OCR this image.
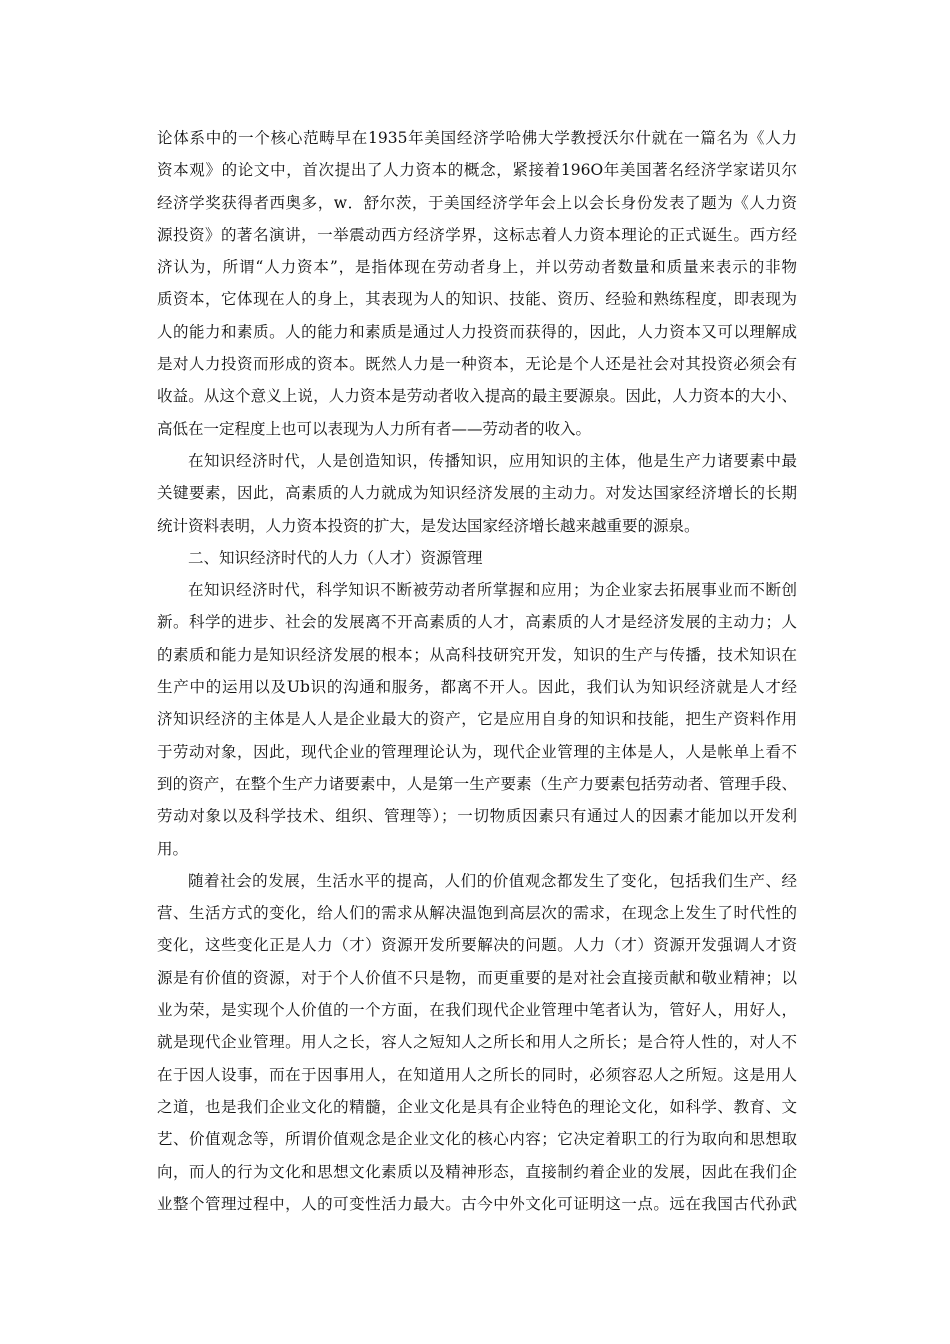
论体系中的一个核心范畴早在1935年美国经济学哈佛大学教授沃尔什就在一篇名为《人力
资本观》的论文中，首次提出了人力资本的概念，紧接着196O年美国著名经济学家诺贝尔
经济学奖获得者西奥多，w．舒尔茨，于美国经济学年会上以会长身份发表了题为《人力资
源投资》的著名演讲，一举震动西方经济学界，这标志着人力资本理论的正式诞生。西方经
济认为，所谓“人力资本”，是指体现在劳动者身上，并以劳动者数量和质量来表示的非物
质资本，它体现在人的身上，其表现为人的知识、技能、资历、经验和熟练程度，即表现为
人的能力和素质。人的能力和素质是通过人力投资而获得的，因此，人力资本又可以理解成
是对人力投资而形成的资本。既然人力是一种资本，无论是个人还是社会对其投资必须会有
收益。从这个意义上说，人力资本是劳动者收入提高的最主要源泉。因此，人力资本的大小、
高低在一定程度上也可以表现为人力所有者——劳动者的收入。
在知识经济时代，人是创造知识，传播知识，应用知识的主体，他是生产力诸要素中最
关键要素，因此，高素质的人力就成为知识经济发展的主动力。对发达国家经济增长的长期
统计资料表明，人力资本投资的扩大，是发达国家经济增长越来越重要的源泉。
二、知识经济时代的人力（人才）资源管理
在知识经济时代，科学知识不断被劳动者所掌握和应用；为企业家去拓展事业而不断创
新。科学的进步、社会的发展离不开高素质的人才，高素质的人才是经济发展的主动力；人
的素质和能力是知识经济发展的根本；从高科技研究开发，知识的生产与传播，技术知识在
生产中的运用以及Ub识的沟通和服务，都离不开人。因此，我们认为知识经济就是人才经
济知识经济的主体是人人是企业最大的资产，它是应用自身的知识和技能，把生产资料作用
于劳动对象，因此，现代企业的管理理论认为，现代企业管理的主体是人，人是帐单上看不
到的资产，在整个生产力诸要素中，人是第一生产要素（生产力要素包括劳动者、管理手段、
劳动对象以及科学技术、组织、管理等）；一切物质因素只有通过人的因素才能加以开发利
用。
随着社会的发展，生活水平的提高，人们的价值观念都发生了变化，包括我们生产、经
营、生活方式的变化，给人们的需求从解决温饱到高层次的需求，在现念上发生了时代性的
变化，这些变化正是人力（才）资源开发所要解决的问题。人力（才）资源开发强调人才资
源是有价值的资源，对于个人价值不只是物，而更重要的是对社会直接贡献和敬业精神；以
业为荣，是实现个人价值的一个方面，在我们现代企业管理中笔者认为，管好人，用好人，
就是现代企业管理。用人之长，容人之短知人之所长和用人之所长；是合符人性的，对人不
在于因人设事，而在于因事用人，在知道用人之所长的同时，必须容忍人之所短。这是用人
之道，也是我们企业文化的精髓，企业文化是具有企业特色的理论文化，如科学、教育、文
艺、价值观念等，所谓价值观念是企业文化的核心内容；它决定着职工的行为取向和思想取
向，而人的行为文化和思想文化素质以及精神形态，直接制约着企业的发展，因此在我们企
业整个管理过程中，人的可变性活力最大。古今中外文化可证明这一点。远在我国古代孙武
